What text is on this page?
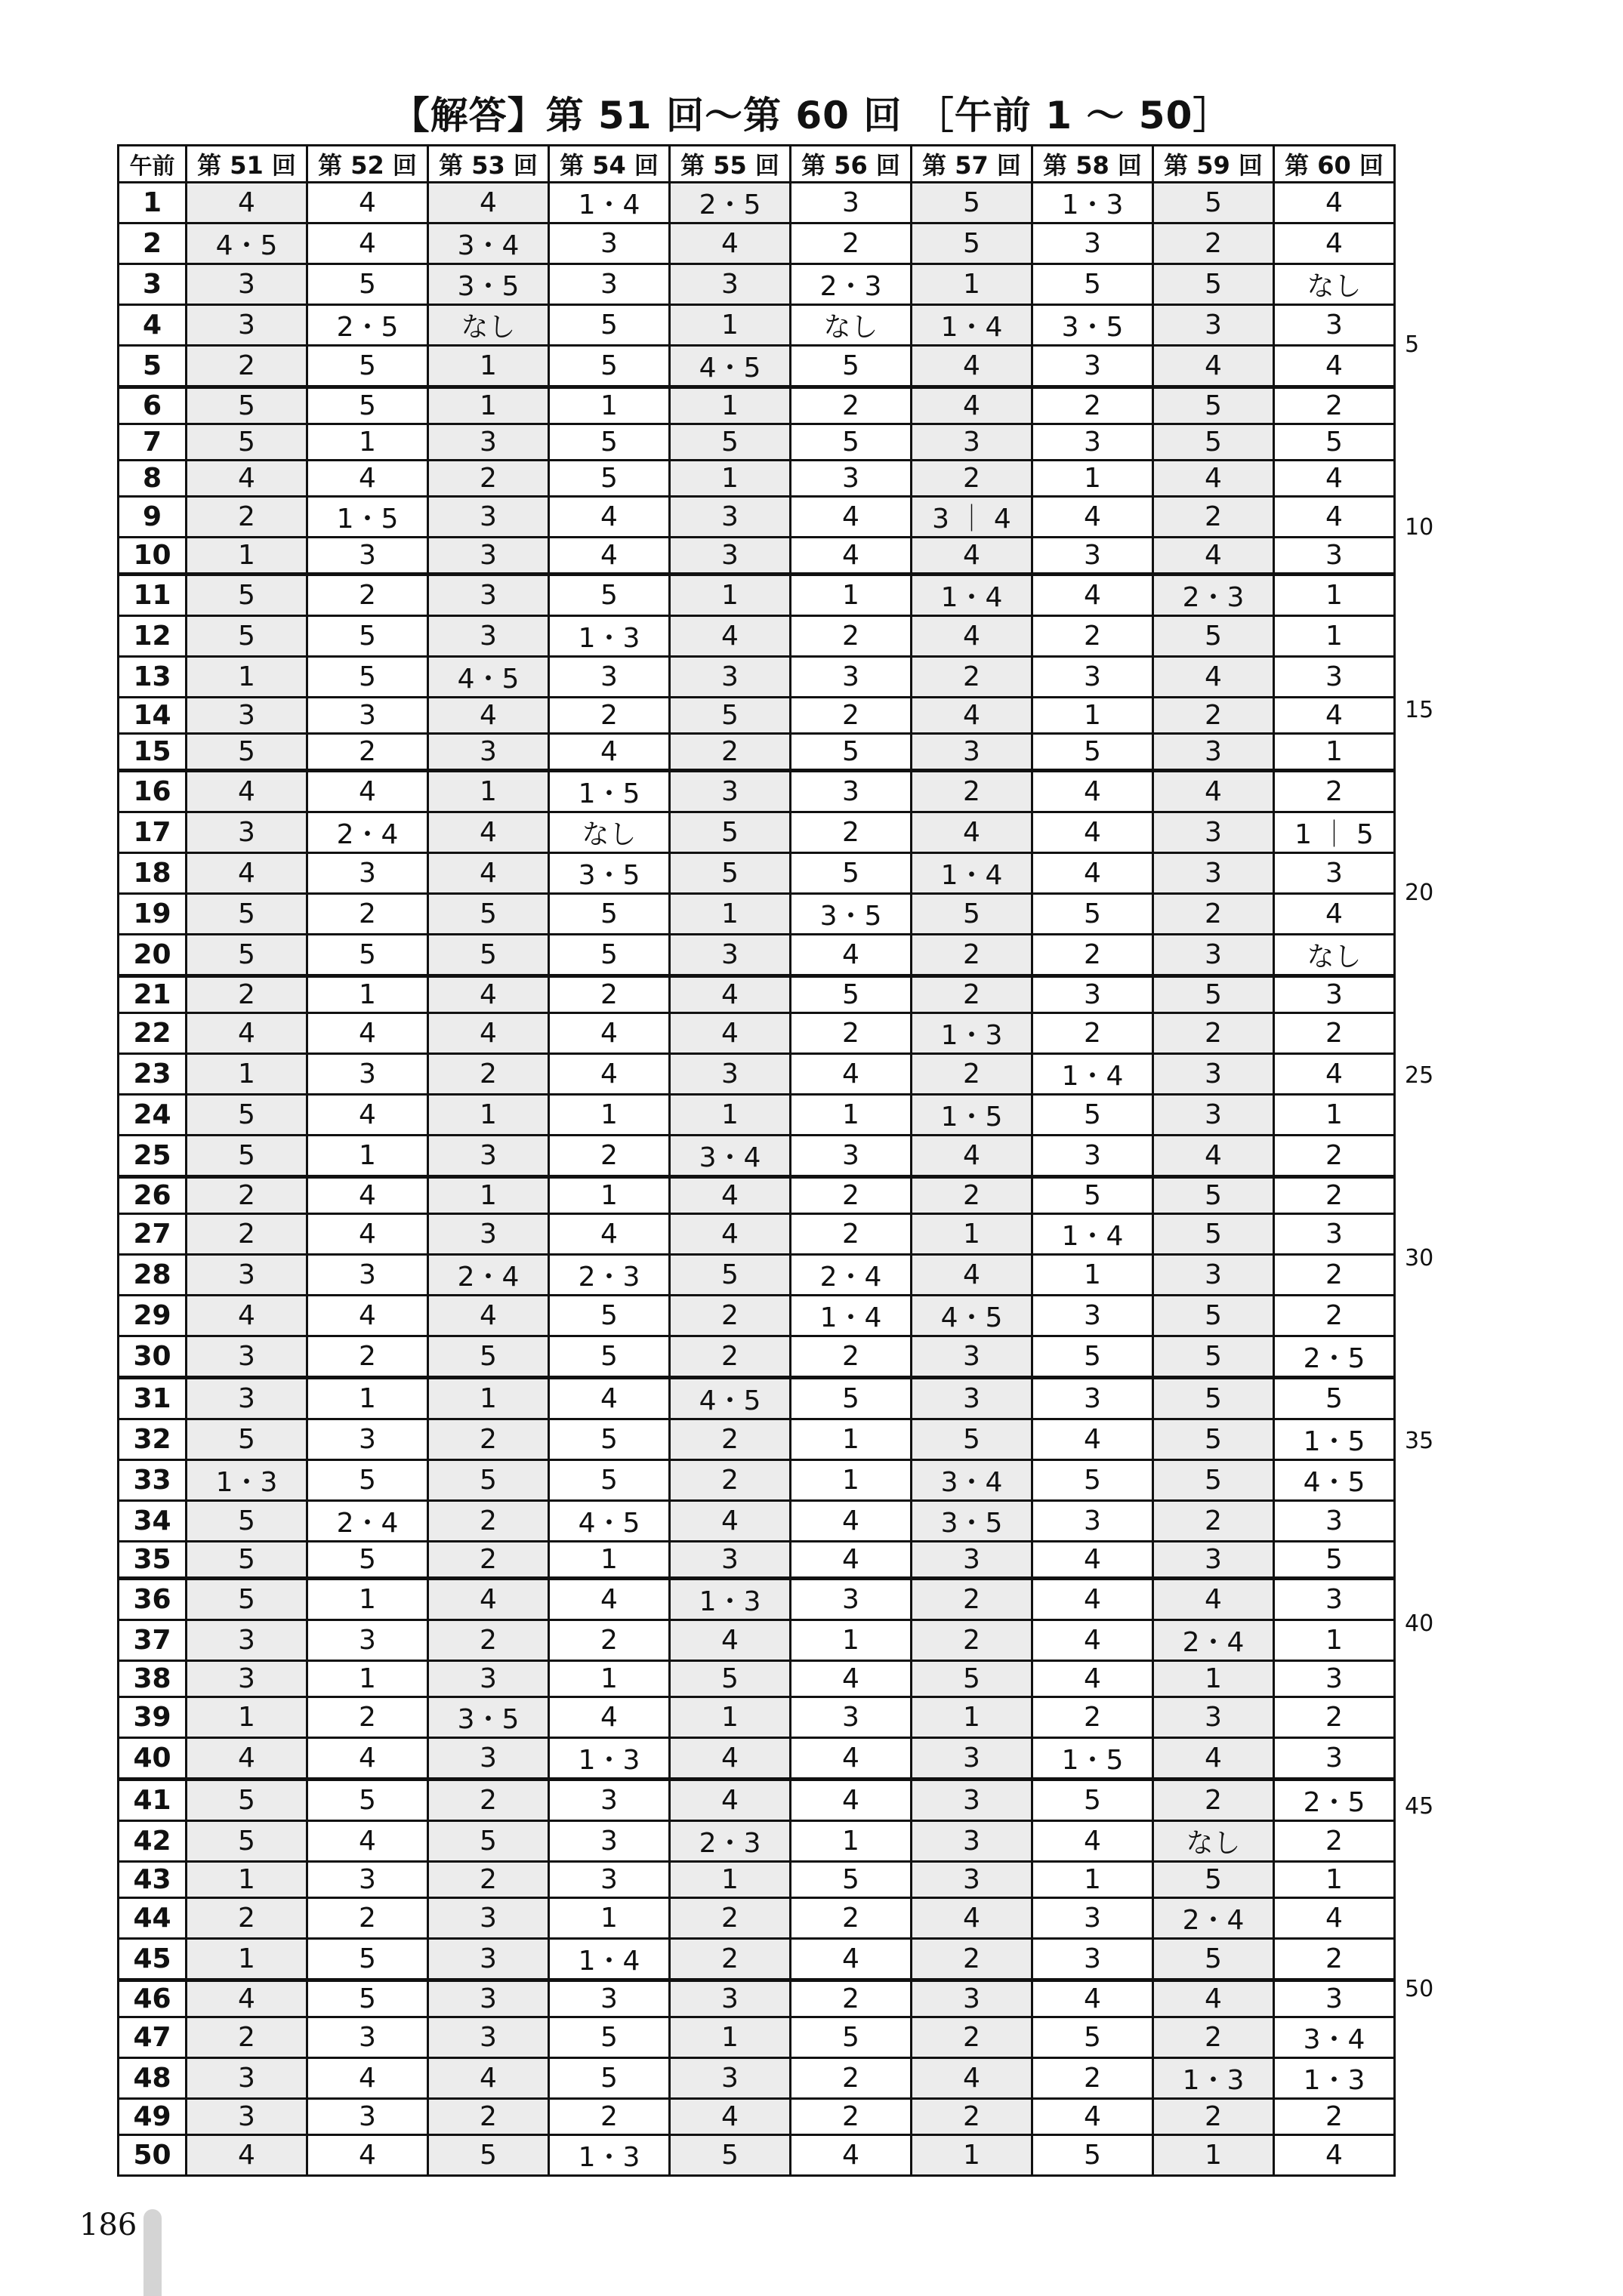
【解答】第 51 回～第 60 回 ［午前 1 ～ 50］
午前	第 51 回	第 52 回	第 53 回	第 54 回	第 55 回	第 56 回	第 57 回	第 58 回	第 59 回	第 60 回
1	4	4	4	1・4	2・5	3	5	1・3	5	4
2	4・5	4	3・4	3	4	2	5	3	2	4
3	3	5	3・5	3	3	2・3	1	5	5	なし
4	3	2・5	なし	5	1	なし	1・4	3・5	3	3
5	2	5	1	5	4・5	5	4	3	4	4
6	5	5	1	1	1	2	4	2	5	2
7	5	1	3	5	5	5	3	3	5	5
8	4	4	2	5	1	3	2	1	4	4
9	2	1・5	3	4	3	4	3 ｜ 4	4	2	4
10	1	3	3	4	3	4	4	3	4	3
11	5	2	3	5	1	1	1・4	4	2・3	1
12	5	5	3	1・3	4	2	4	2	5	1
13	1	5	4・5	3	3	3	2	3	4	3
14	3	3	4	2	5	2	4	1	2	4
15	5	2	3	4	2	5	3	5	3	1
16	4	4	1	1・5	3	3	2	4	4	2
17	3	2・4	4	なし	5	2	4	4	3	1 ｜ 5
18	4	3	4	3・5	5	5	1・4	4	3	3
19	5	2	5	5	1	3・5	5	5	2	4
20	5	5	5	5	3	4	2	2	3	なし
21	2	1	4	2	4	5	2	3	5	3
22	4	4	4	4	4	2	1・3	2	2	2
23	1	3	2	4	3	4	2	1・4	3	4
24	5	4	1	1	1	1	1・5	5	3	1
25	5	1	3	2	3・4	3	4	3	4	2
26	2	4	1	1	4	2	2	5	5	2
27	2	4	3	4	4	2	1	1・4	5	3
28	3	3	2・4	2・3	5	2・4	4	1	3	2
29	4	4	4	5	2	1・4	4・5	3	5	2
30	3	2	5	5	2	2	3	5	5	2・5
31	3	1	1	4	4・5	5	3	3	5	5
32	5	3	2	5	2	1	5	4	5	1・5
33	1・3	5	5	5	2	1	3・4	5	5	4・5
34	5	2・4	2	4・5	4	4	3・5	3	2	3
35	5	5	2	1	3	4	3	4	3	5
36	5	1	4	4	1・3	3	2	4	4	3
37	3	3	2	2	4	1	2	4	2・4	1
38	3	1	3	1	5	4	5	4	1	3
39	1	2	3・5	4	1	3	1	2	3	2
40	4	4	3	1・3	4	4	3	1・5	4	3
41	5	5	2	3	4	4	3	5	2	2・5
42	5	4	5	3	2・3	1	3	4	なし	2
43	1	3	2	3	1	5	3	1	5	1
44	2	2	3	1	2	2	4	3	2・4	4
45	1	5	3	1・4	2	4	2	3	5	2
46	4	5	3	3	3	2	3	4	4	3
47	2	3	3	5	1	5	2	5	2	3・4
48	3	4	4	5	3	2	4	2	1・3	1・3
49	3	3	2	2	4	2	2	4	2	2
50	4	4	5	1・3	5	4	1	5	1	4
5
10
15
20
25
30
35
40
45
50
186
